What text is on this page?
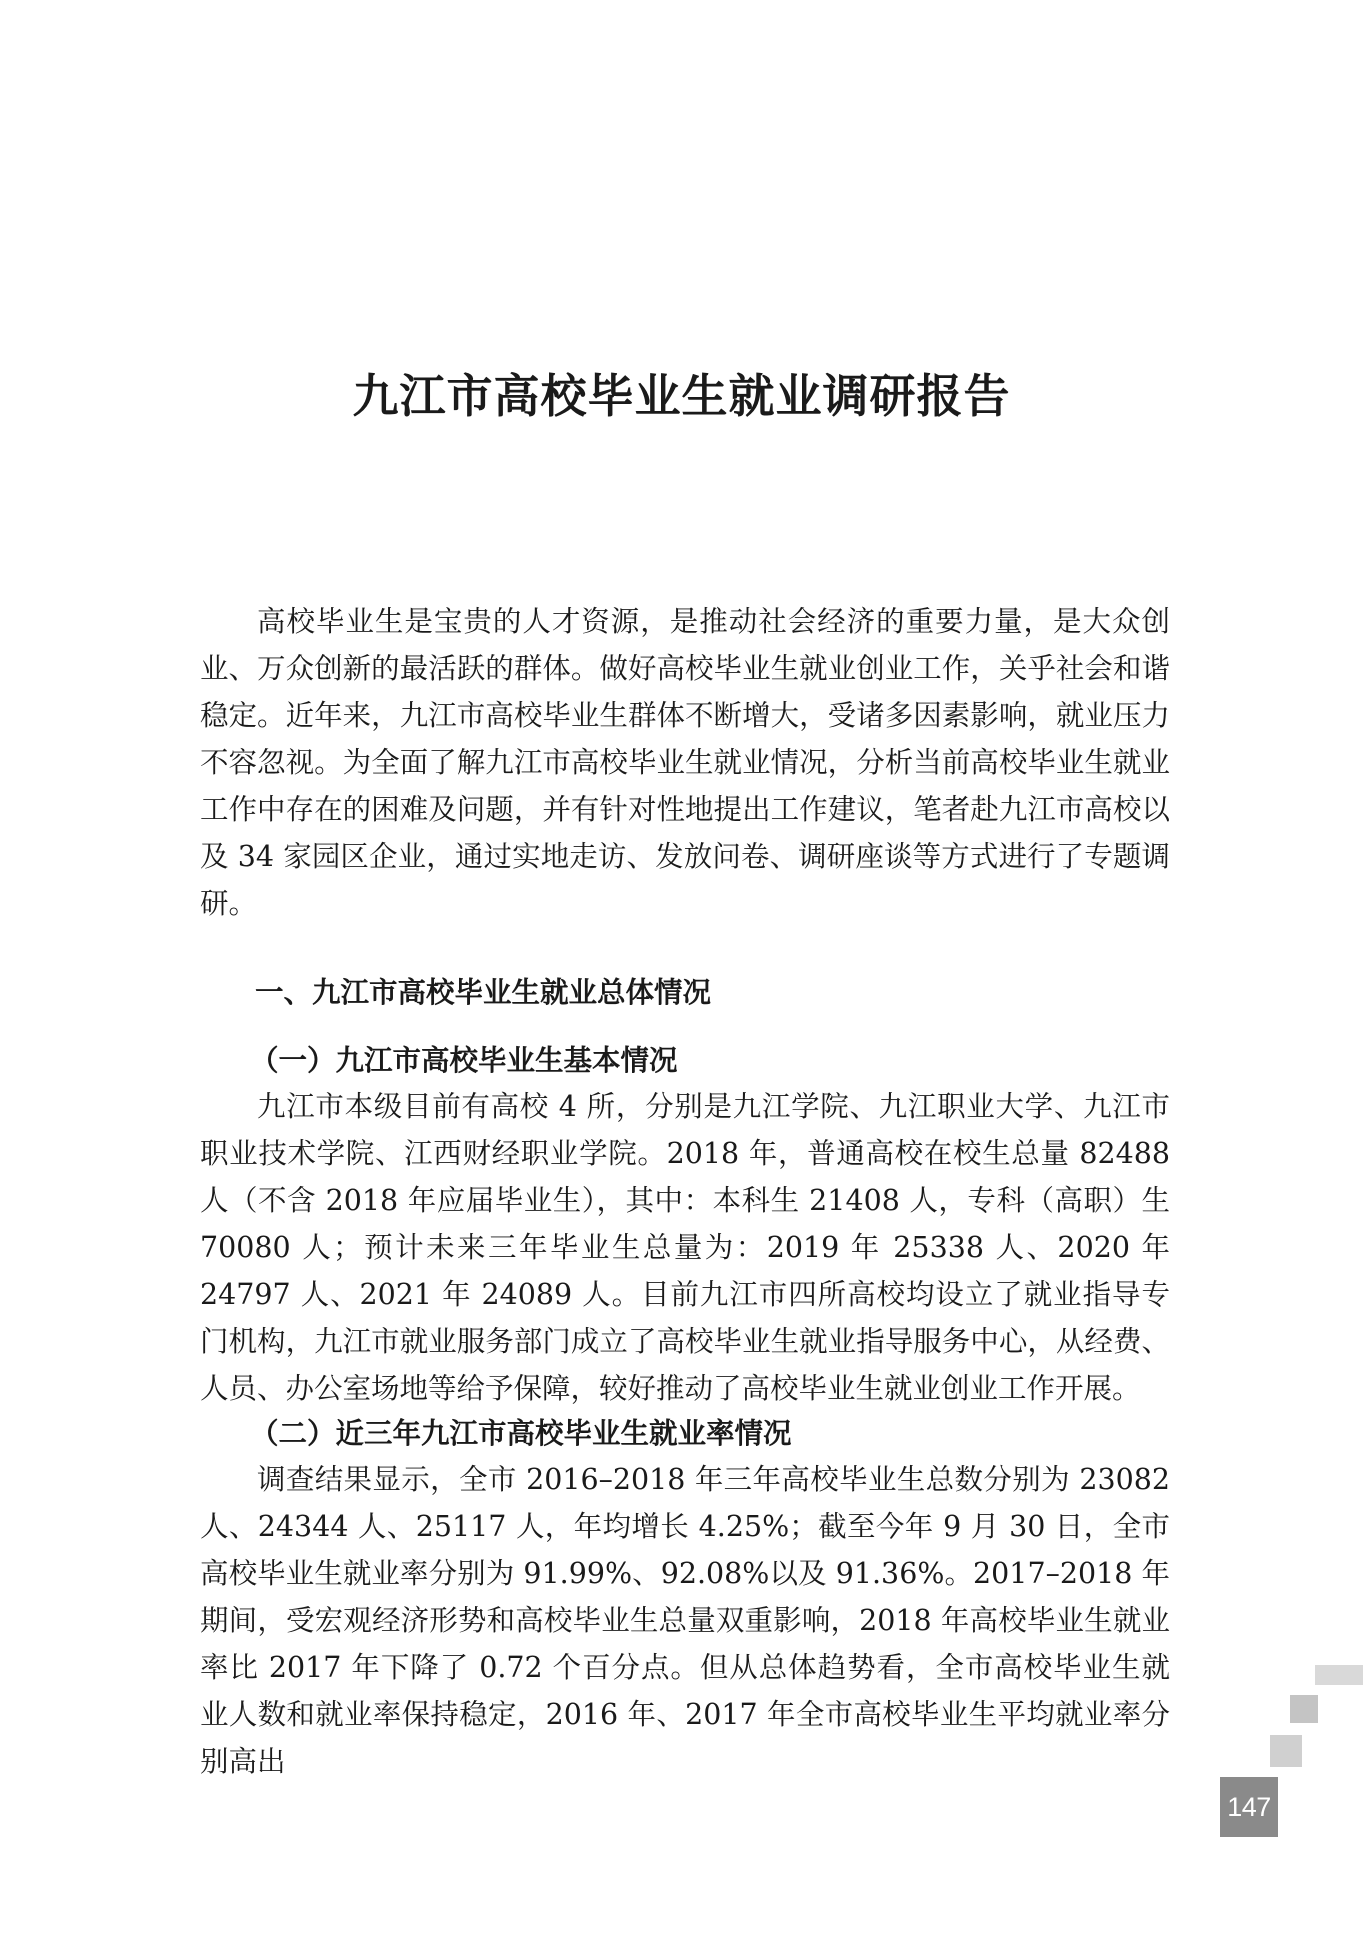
九江市高校毕业生就业调研报告

高校毕业生是宝贵的人才资源，是推动社会经济的重要力量，是大众创业、万众创新的最活跃的群体。做好高校毕业生就业创业工作，关乎社会和谐稳定。近年来，九江市高校毕业生群体不断增大，受诸多因素影响，就业压力不容忽视。为全面了解九江市高校毕业生就业情况，分析当前高校毕业生就业工作中存在的困难及问题，并有针对性地提出工作建议，笔者赴九江市高校以及 34 家园区企业，通过实地走访、发放问卷、调研座谈等方式进行了专题调研。

一、九江市高校毕业生就业总体情况
（一）九江市高校毕业生基本情况

九江市本级目前有高校 4 所，分别是九江学院、九江职业大学、九江市职业技术学院、江西财经职业学院。2018 年，普通高校在校生总量 82488 人（不含 2018 年应届毕业生），其中：本科生 21408 人，专科（高职）生 70080 人；预计未来三年毕业生总量为：2019 年 25338 人、2020 年 24797 人、2021 年 24089 人。目前九江市四所高校均设立了就业指导专门机构，九江市就业服务部门成立了高校毕业生就业指导服务中心，从经费、人员、办公室场地等给予保障，较好推动了高校毕业生就业创业工作开展。

（二）近三年九江市高校毕业生就业率情况

调查结果显示，全市 2016–2018 年三年高校毕业生总数分别为 23082 人、24344 人、25117 人，年均增长 4.25%；截至今年 9 月 30 日，全市高校毕业生就业率分别为 91.99%、92.08%以及 91.36%。2017–2018 年期间，受宏观经济形势和高校毕业生总量双重影响，2018 年高校毕业生就业率比 2017 年下降了 0.72 个百分点。但从总体趋势看，全市高校毕业生就业人数和就业率保持稳定，2016 年、2017 年全市高校毕业生平均就业率分别高出

147
